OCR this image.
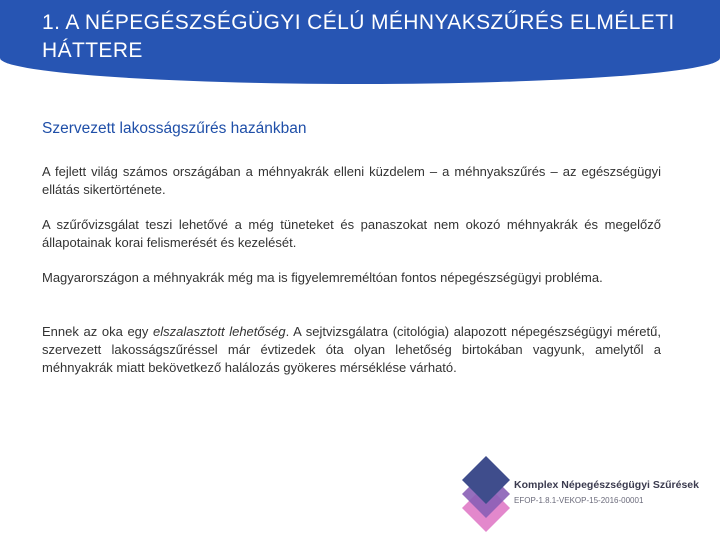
1. A NÉPEGÉSZSÉGÜGYI CÉLÚ MÉHNYAKSZŰRÉS ELMÉLETI HÁTTERE
Szervezett lakosságszűrés hazánkban

A fejlett világ számos országában a méhnyakrák elleni küzdelem – a méhnyakszűrés – az egészségügyi ellátás sikertörténete.

A szűrővizsgálat teszi lehetővé a még tüneteket és panaszokat nem okozó méhnyakrák és megelőző állapotainak korai felismerését és kezelését.

Magyarországon a méhnyakrák még ma is figyelemreméltóan fontos népegészségügyi probléma.

Ennek az oka egy elszalasztott lehetőség. A sejtvizsgálatra (citológia) alapozott népegészségügyi méretű, szervezett lakosságszűréssel már évtizedek óta olyan lehetőség birtokában vagyunk, amelytől a méhnyakrák miatt bekövetkező halálozás gyökeres mérséklése várható.

Komplex Népegészségügyi Szűrések
EFOP-1.8.1-VEKOP-15-2016-00001
